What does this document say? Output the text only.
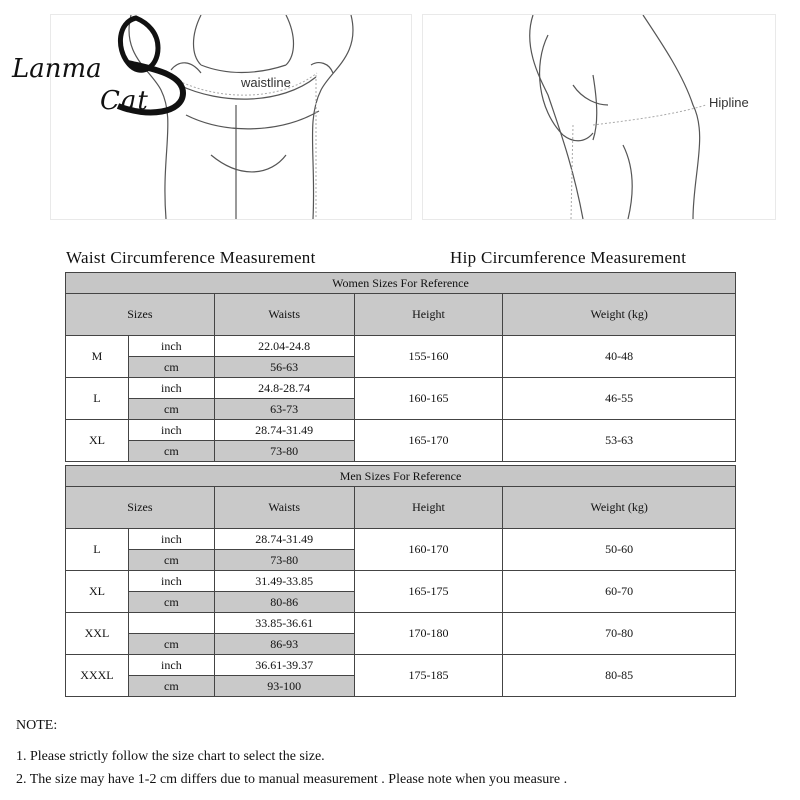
waistline
Hipline
Lanma
Cat
Waist Circumference Measurement	Hip Circumference Measurement
Women Sizes For Reference				
Sizes		Waists	Height	Weight (kg)
M	inch	22.04-24.8	155-160	40-48
	cm	56-63		
L	inch	24.8-28.74	160-165	46-55
	cm	63-73		
XL	inch	28.74-31.49	165-170	53-63
	cm	73-80		
Men Sizes For Reference				
Sizes		Waists	Height	Weight (kg)
L	inch	28.74-31.49	160-170	50-60
	cm	73-80		
XL	inch	31.49-33.85	165-175	60-70
	cm	80-86		
XXL		33.85-36.61	170-180	70-80
	cm	86-93		
XXXL	inch	36.61-39.37	175-185	80-85
	cm	93-100		
NOTE:
1. Please strictly follow the size chart to select the size.
2. The size may have 1-2 cm differs due to manual measurement . Please note when you measure .
